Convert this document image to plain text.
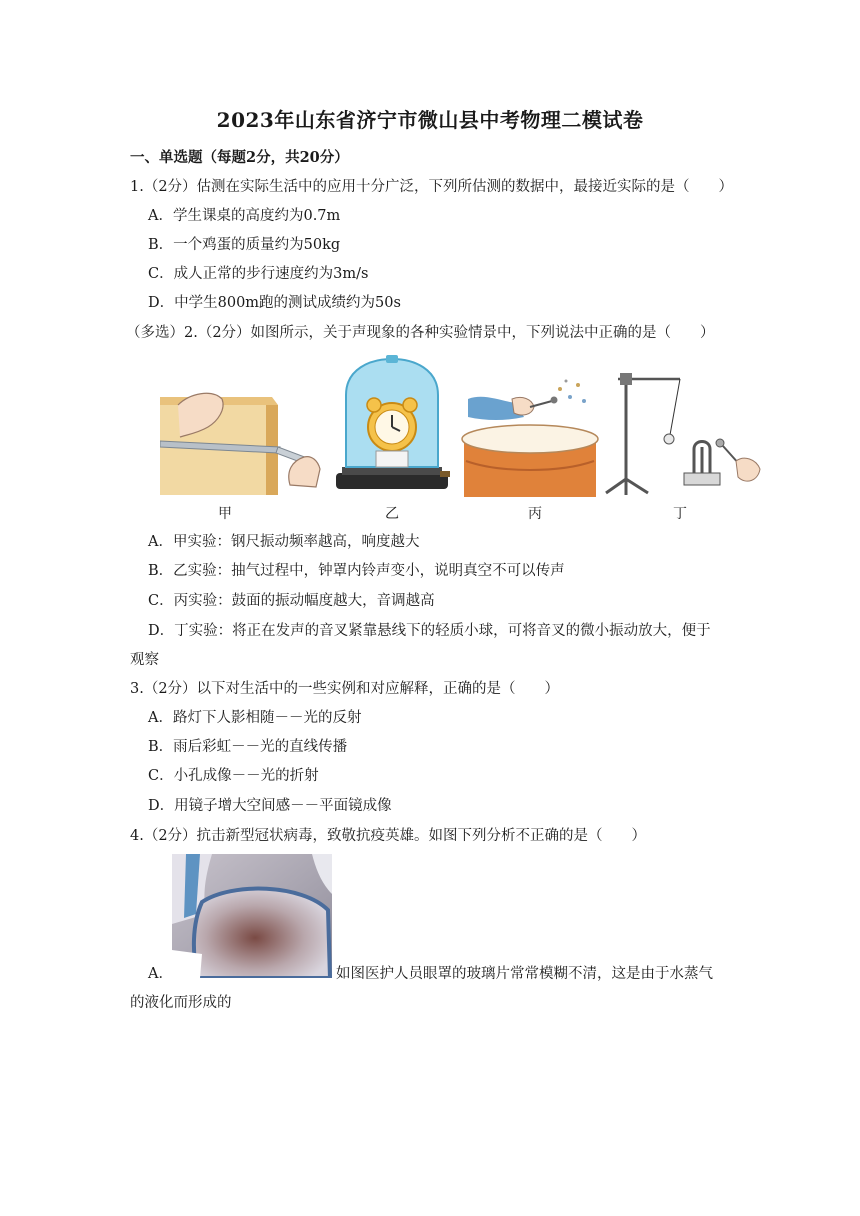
2023年山东省济宁市微山县中考物理二模试卷
一、单选题（每题2分，共20分）
1.（2分）估测在实际生活中的应用十分广泛，下列所估测的数据中，最接近实际的是（　　）
A．学生课桌的高度约为0.7m
B．一个鸡蛋的质量约为50kg
C．成人正常的步行速度约为3m/s
D．中学生800m跑的测试成绩约为50s
（多选）2.（2分）如图所示，关于声现象的各种实验情景中，下列说法中正确的是（　　）
甲	乙	丙	丁
A．甲实验：钢尺振动频率越高，响度越大
B．乙实验：抽气过程中，钟罩内铃声变小，说明真空不可以传声
C．丙实验：鼓面的振动幅度越大，音调越高
D．丁实验：将正在发声的音叉紧靠悬线下的轻质小球，可将音叉的微小振动放大，便于
观察
3.（2分）以下对生活中的一些实例和对应解释，正确的是（　　）
A．路灯下人影相随－－光的反射
B．雨后彩虹－－光的直线传播
C．小孔成像－－光的折射
D．用镜子增大空间感－－平面镜成像
4.（2分）抗击新型冠状病毒，致敬抗疫英雄。如图下列分析不正确的是（　　）
A．	如图医护人员眼罩的玻璃片常常模糊不清，这是由于水蒸气
的液化而形成的
